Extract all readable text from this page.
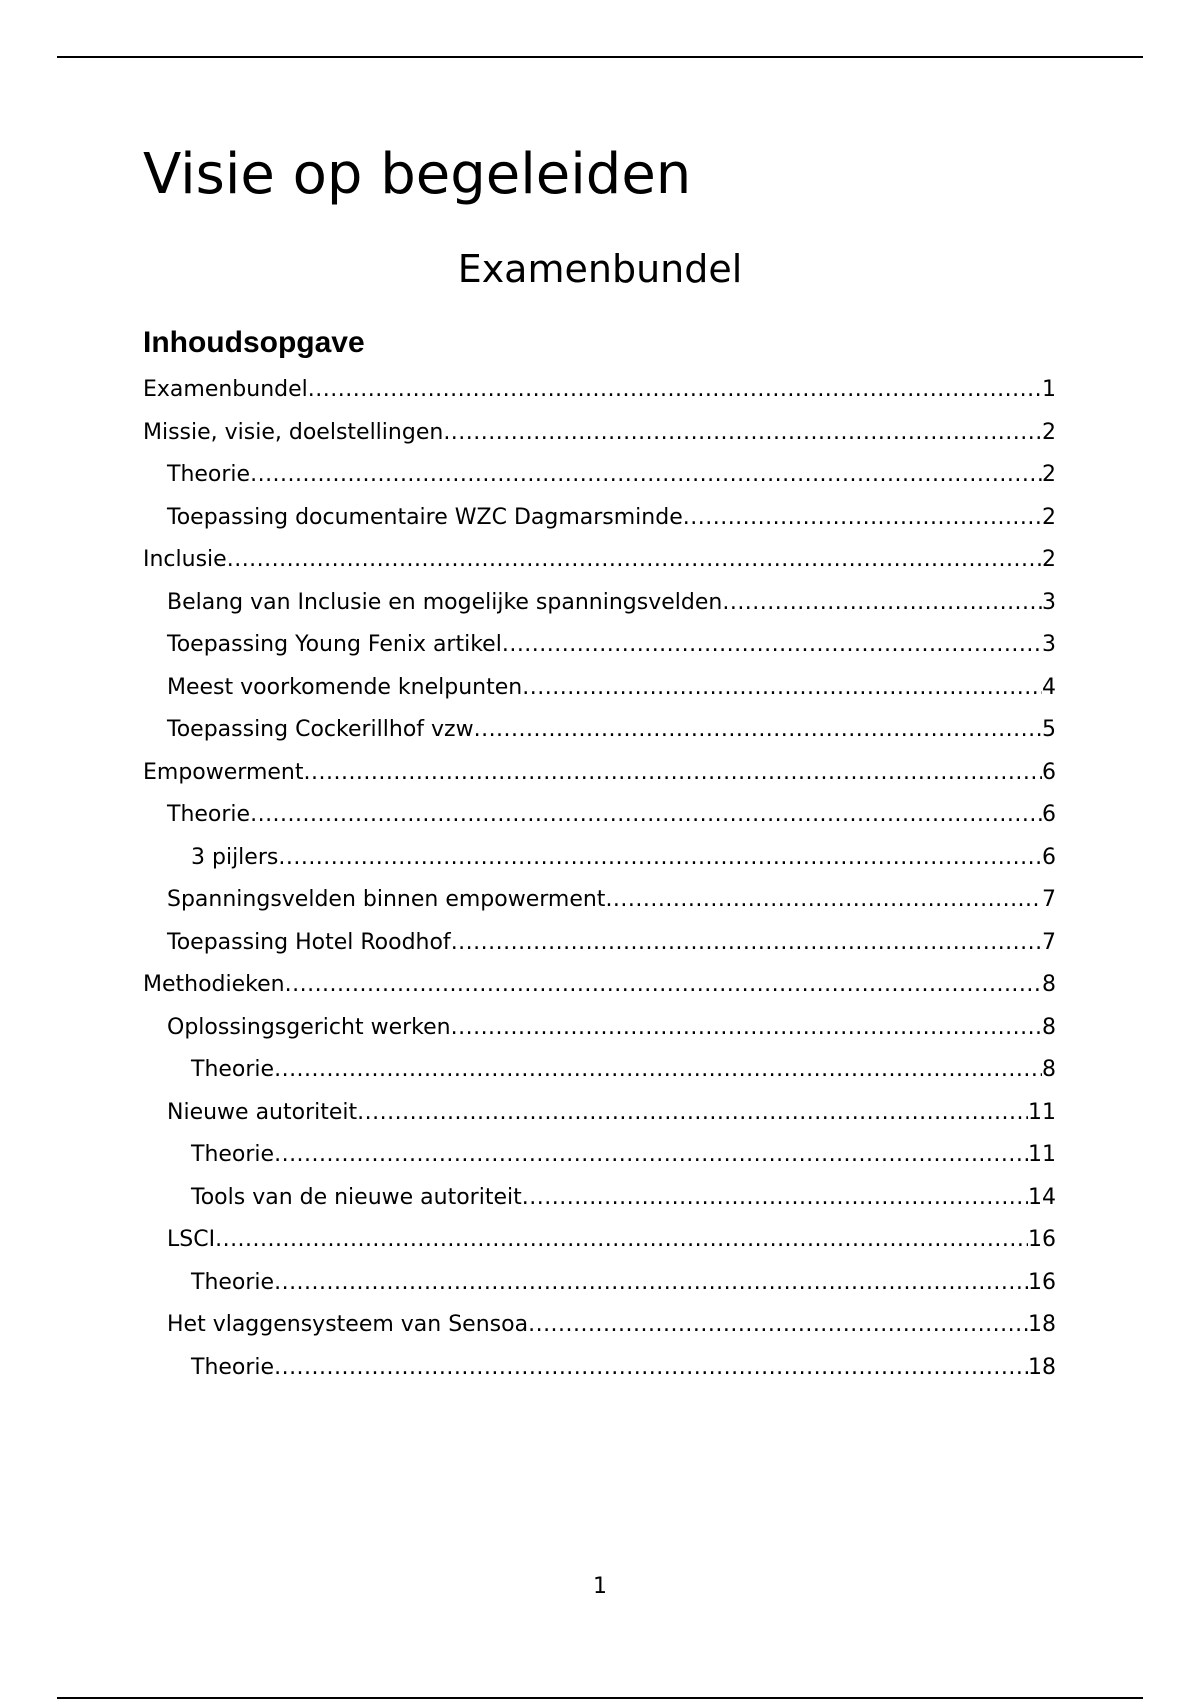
Visie op begeleiden
Examenbundel
Inhoudsopgave
Examenbundel .....	1
Missie, visie, doelstellingen .....	2
Theorie .....	2
Toepassing documentaire WZC Dagmarsminde .....	2
Inclusie .....	2
Belang van Inclusie en mogelijke spanningsvelden .....	3
Toepassing Young Fenix artikel .....	3
Meest voorkomende knelpunten .....	4
Toepassing Cockerillhof vzw .....	5
Empowerment .....	6
Theorie .....	6
3 pijlers .....	6
Spanningsvelden binnen empowerment .....	7
Toepassing Hotel Roodhof .....	7
Methodieken .....	8
Oplossingsgericht werken .....	8
Theorie .....	8
Nieuwe autoriteit .....	11
Theorie .....	11
Tools van de nieuwe autoriteit .....	14
LSCI .....	16
Theorie .....	16
Het vlaggensysteem van Sensoa .....	18
Theorie .....	18
1
